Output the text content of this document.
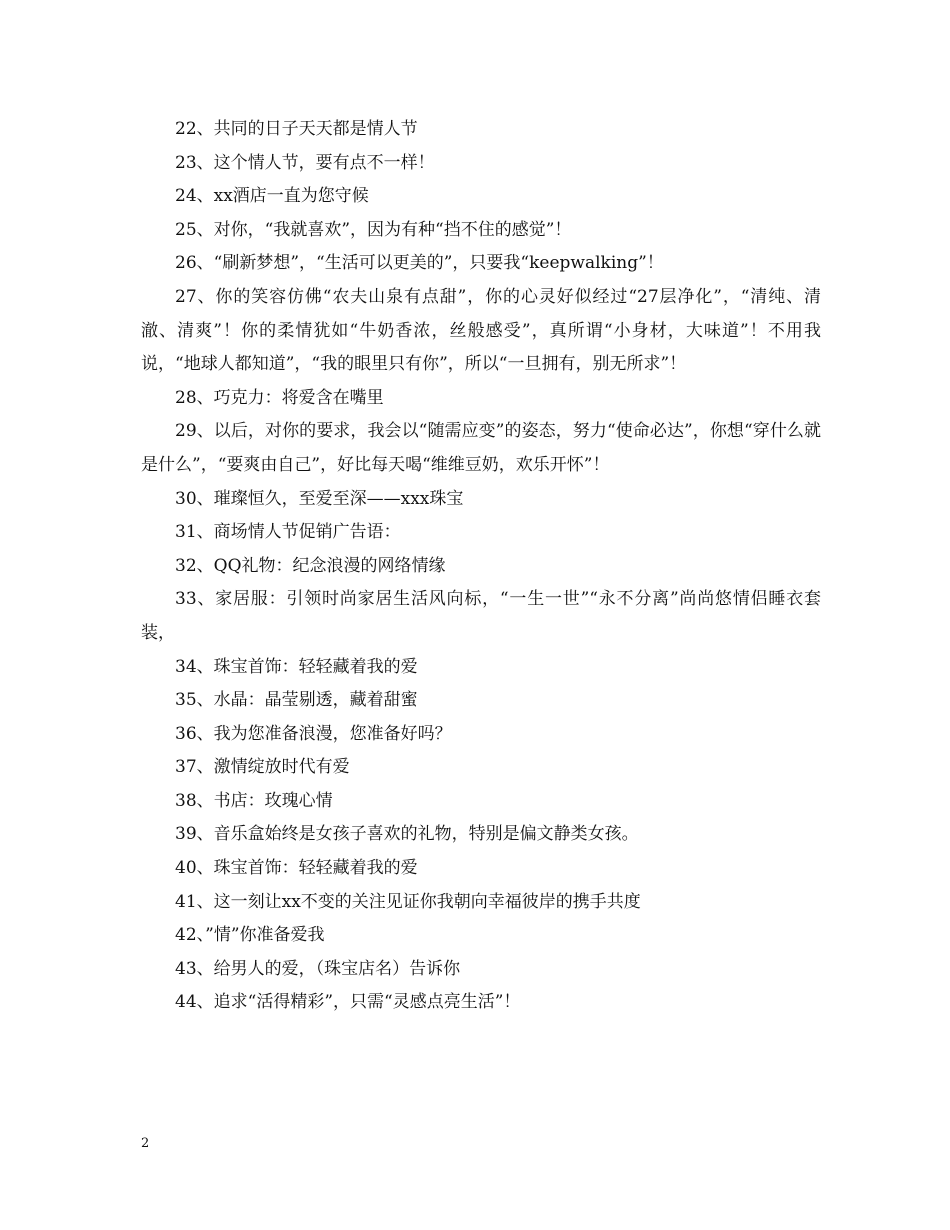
22、共同的日子天天都是情人节

23、这个情人节，要有点不一样！

24、xx酒店一直为您守候

25、对你，“我就喜欢”，因为有种“挡不住的感觉”！

26、“刷新梦想”，“生活可以更美的”，只要我“keepwalking”！

27、你的笑容仿佛“农夫山泉有点甜”，你的心灵好似经过“27层净化”，“清纯、清澈、清爽”！你的柔情犹如“牛奶香浓，丝般感受”，真所谓“小身材，大味道”！不用我说，“地球人都知道”，“我的眼里只有你”，所以“一旦拥有，别无所求”！

28、巧克力：将爱含在嘴里

29、以后，对你的要求，我会以“随需应变”的姿态，努力“使命必达”，你想“穿什么就是什么”，“要爽由自己”，好比每天喝“维维豆奶，欢乐开怀”！

30、璀璨恒久，至爱至深——xxx珠宝

31、商场情人节促销广告语：

32、QQ礼物：纪念浪漫的网络情缘

33、家居服：引领时尚家居生活风向标，“一生一世”“永不分离”尚尚悠情侣睡衣套装，

34、珠宝首饰：轻轻藏着我的爱

35、水晶：晶莹剔透，藏着甜蜜

36、我为您准备浪漫，您准备好吗？

37、激情绽放时代有爱

38、书店：玫瑰心情

39、音乐盒始终是女孩子喜欢的礼物，特别是偏文静类女孩。

40、珠宝首饰：轻轻藏着我的爱

41、这一刻让xx不变的关注见证你我朝向幸福彼岸的携手共度

42、”情”你准备爱我

43、给男人的爱，（珠宝店名）告诉你

44、追求“活得精彩”，只需“灵感点亮生活”！

2
